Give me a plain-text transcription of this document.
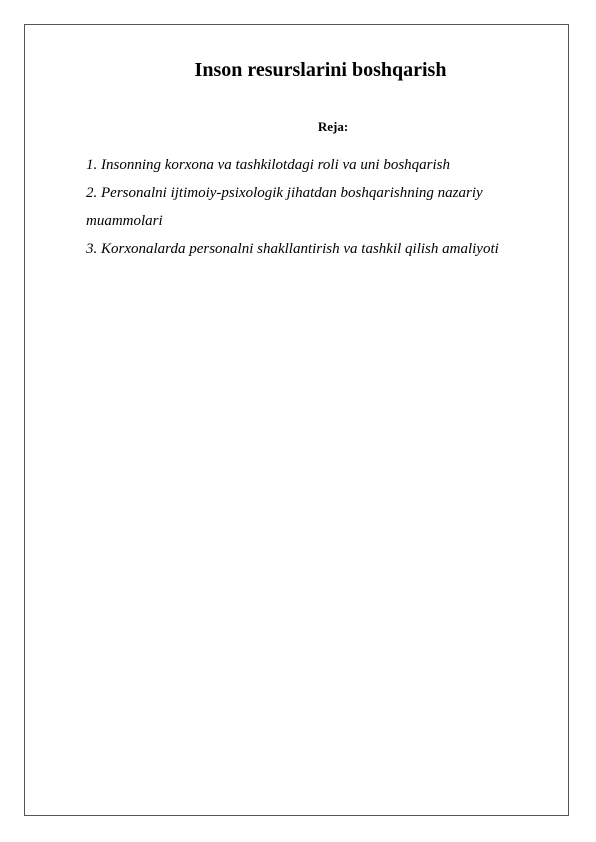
Inson resurslarini boshqarish
Reja:
1. Insonning korxona va tashkilotdagi roli va uni boshqarish
2. Personalni ijtimoiy-psixologik jihatdan boshqarishning nazariy muammolari
3. Korxonalarda personalni shakllantirish va tashkil qilish amaliyoti
